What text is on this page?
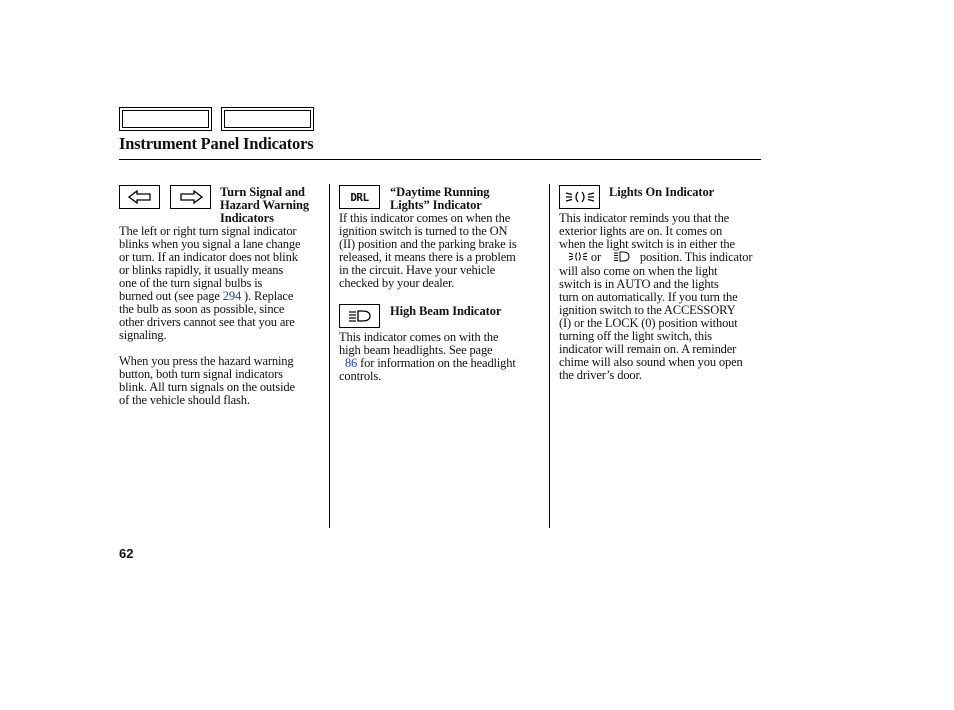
Instrument Panel Indicators
Turn Signal and
Hazard Warning
Indicators
The left or right turn signal indicator
blinks when you signal a lane change
or turn. If an indicator does not blink
or blinks rapidly, it usually means
one of the turn signal bulbs is
burned out (see page 294 ). Replace
the bulb as soon as possible, since
other drivers cannot see that you are
signaling.
When you press the hazard warning
button, both turn signal indicators
blink. All turn signals on the outside
of the vehicle should flash.
DRL “Daytime Running
Lights” Indicator
If this indicator comes on when the
ignition switch is turned to the ON
(II) position and the parking brake is
released, it means there is a problem
in the circuit. Have your vehicle
checked by your dealer.
High Beam Indicator
This indicator comes on with the
high beam headlights. See page
86 for information on the headlight
controls.
Lights On Indicator
This indicator reminds you that the
exterior lights are on. It comes on
when the light switch is in either the
or	position. This indicator
will also come on when the light
switch is in AUTO and the lights
turn on automatically. If you turn the
ignition switch to the ACCESSORY
(I) or the LOCK (0) position without
turning off the light switch, this
indicator will remain on. A reminder
chime will also sound when you open
the driver’s door.
62
